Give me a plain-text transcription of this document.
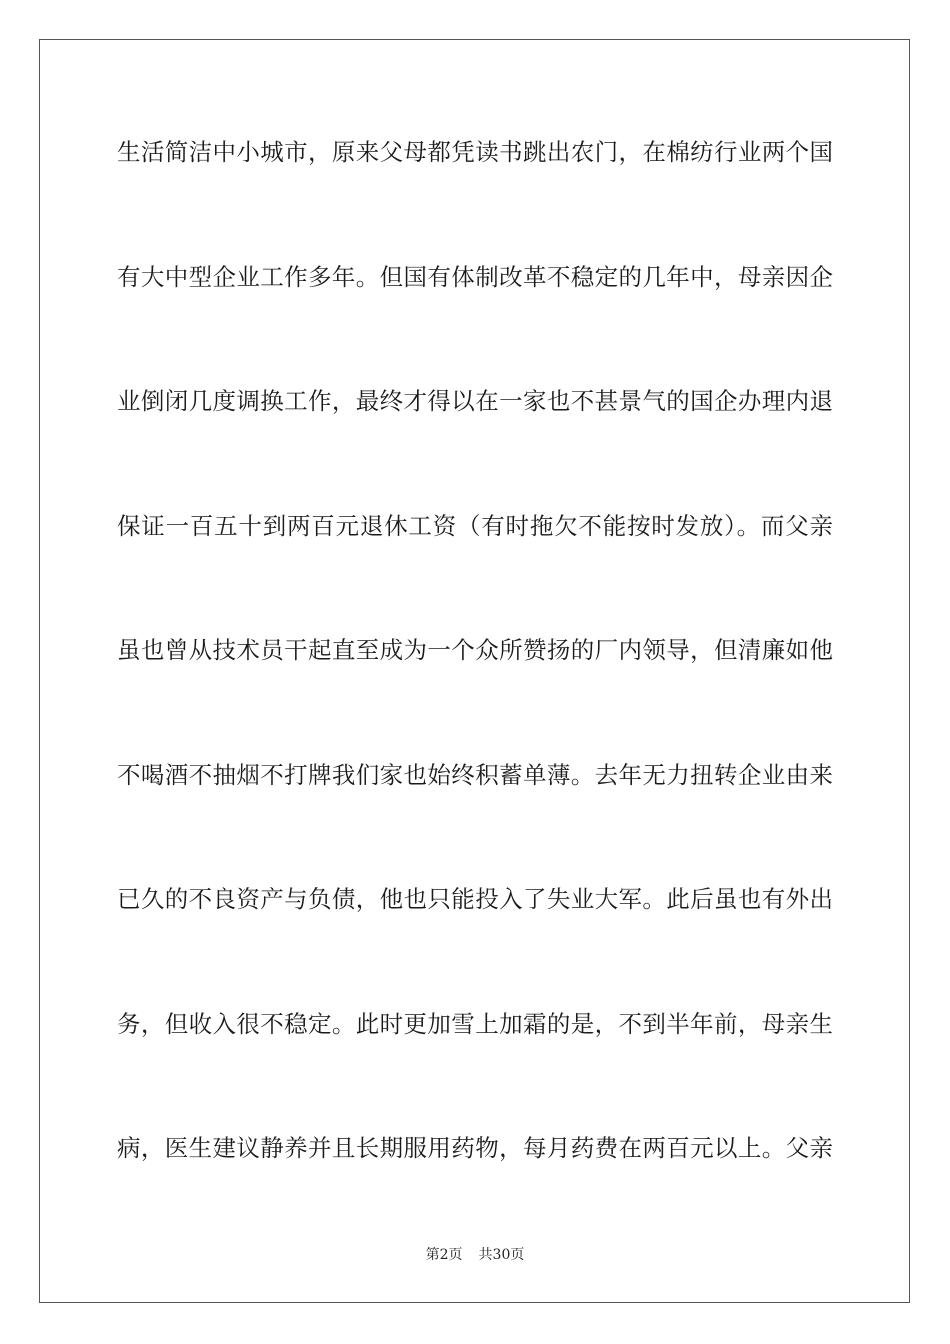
生活简洁中小城市，原来父母都凭读书跳出农门，在棉纺行业两个国
有大中型企业工作多年。但国有体制改革不稳定的几年中，母亲因企
业倒闭几度调换工作，最终才得以在一家也不甚景气的国企办理内退
保证一百五十到两百元退休工资（有时拖欠不能按时发放）。而父亲
虽也曾从技术员干起直至成为一个众所赞扬的厂内领导，但清廉如他
不喝酒不抽烟不打牌我们家也始终积蓄单薄。去年无力扭转企业由来
已久的不良资产与负债，他也只能投入了失业大军。此后虽也有外出
务，但收入很不稳定。此时更加雪上加霜的是，不到半年前，母亲生
病，医生建议静养并且长期服用药物，每月药费在两百元以上。父亲
第2页 共30页
